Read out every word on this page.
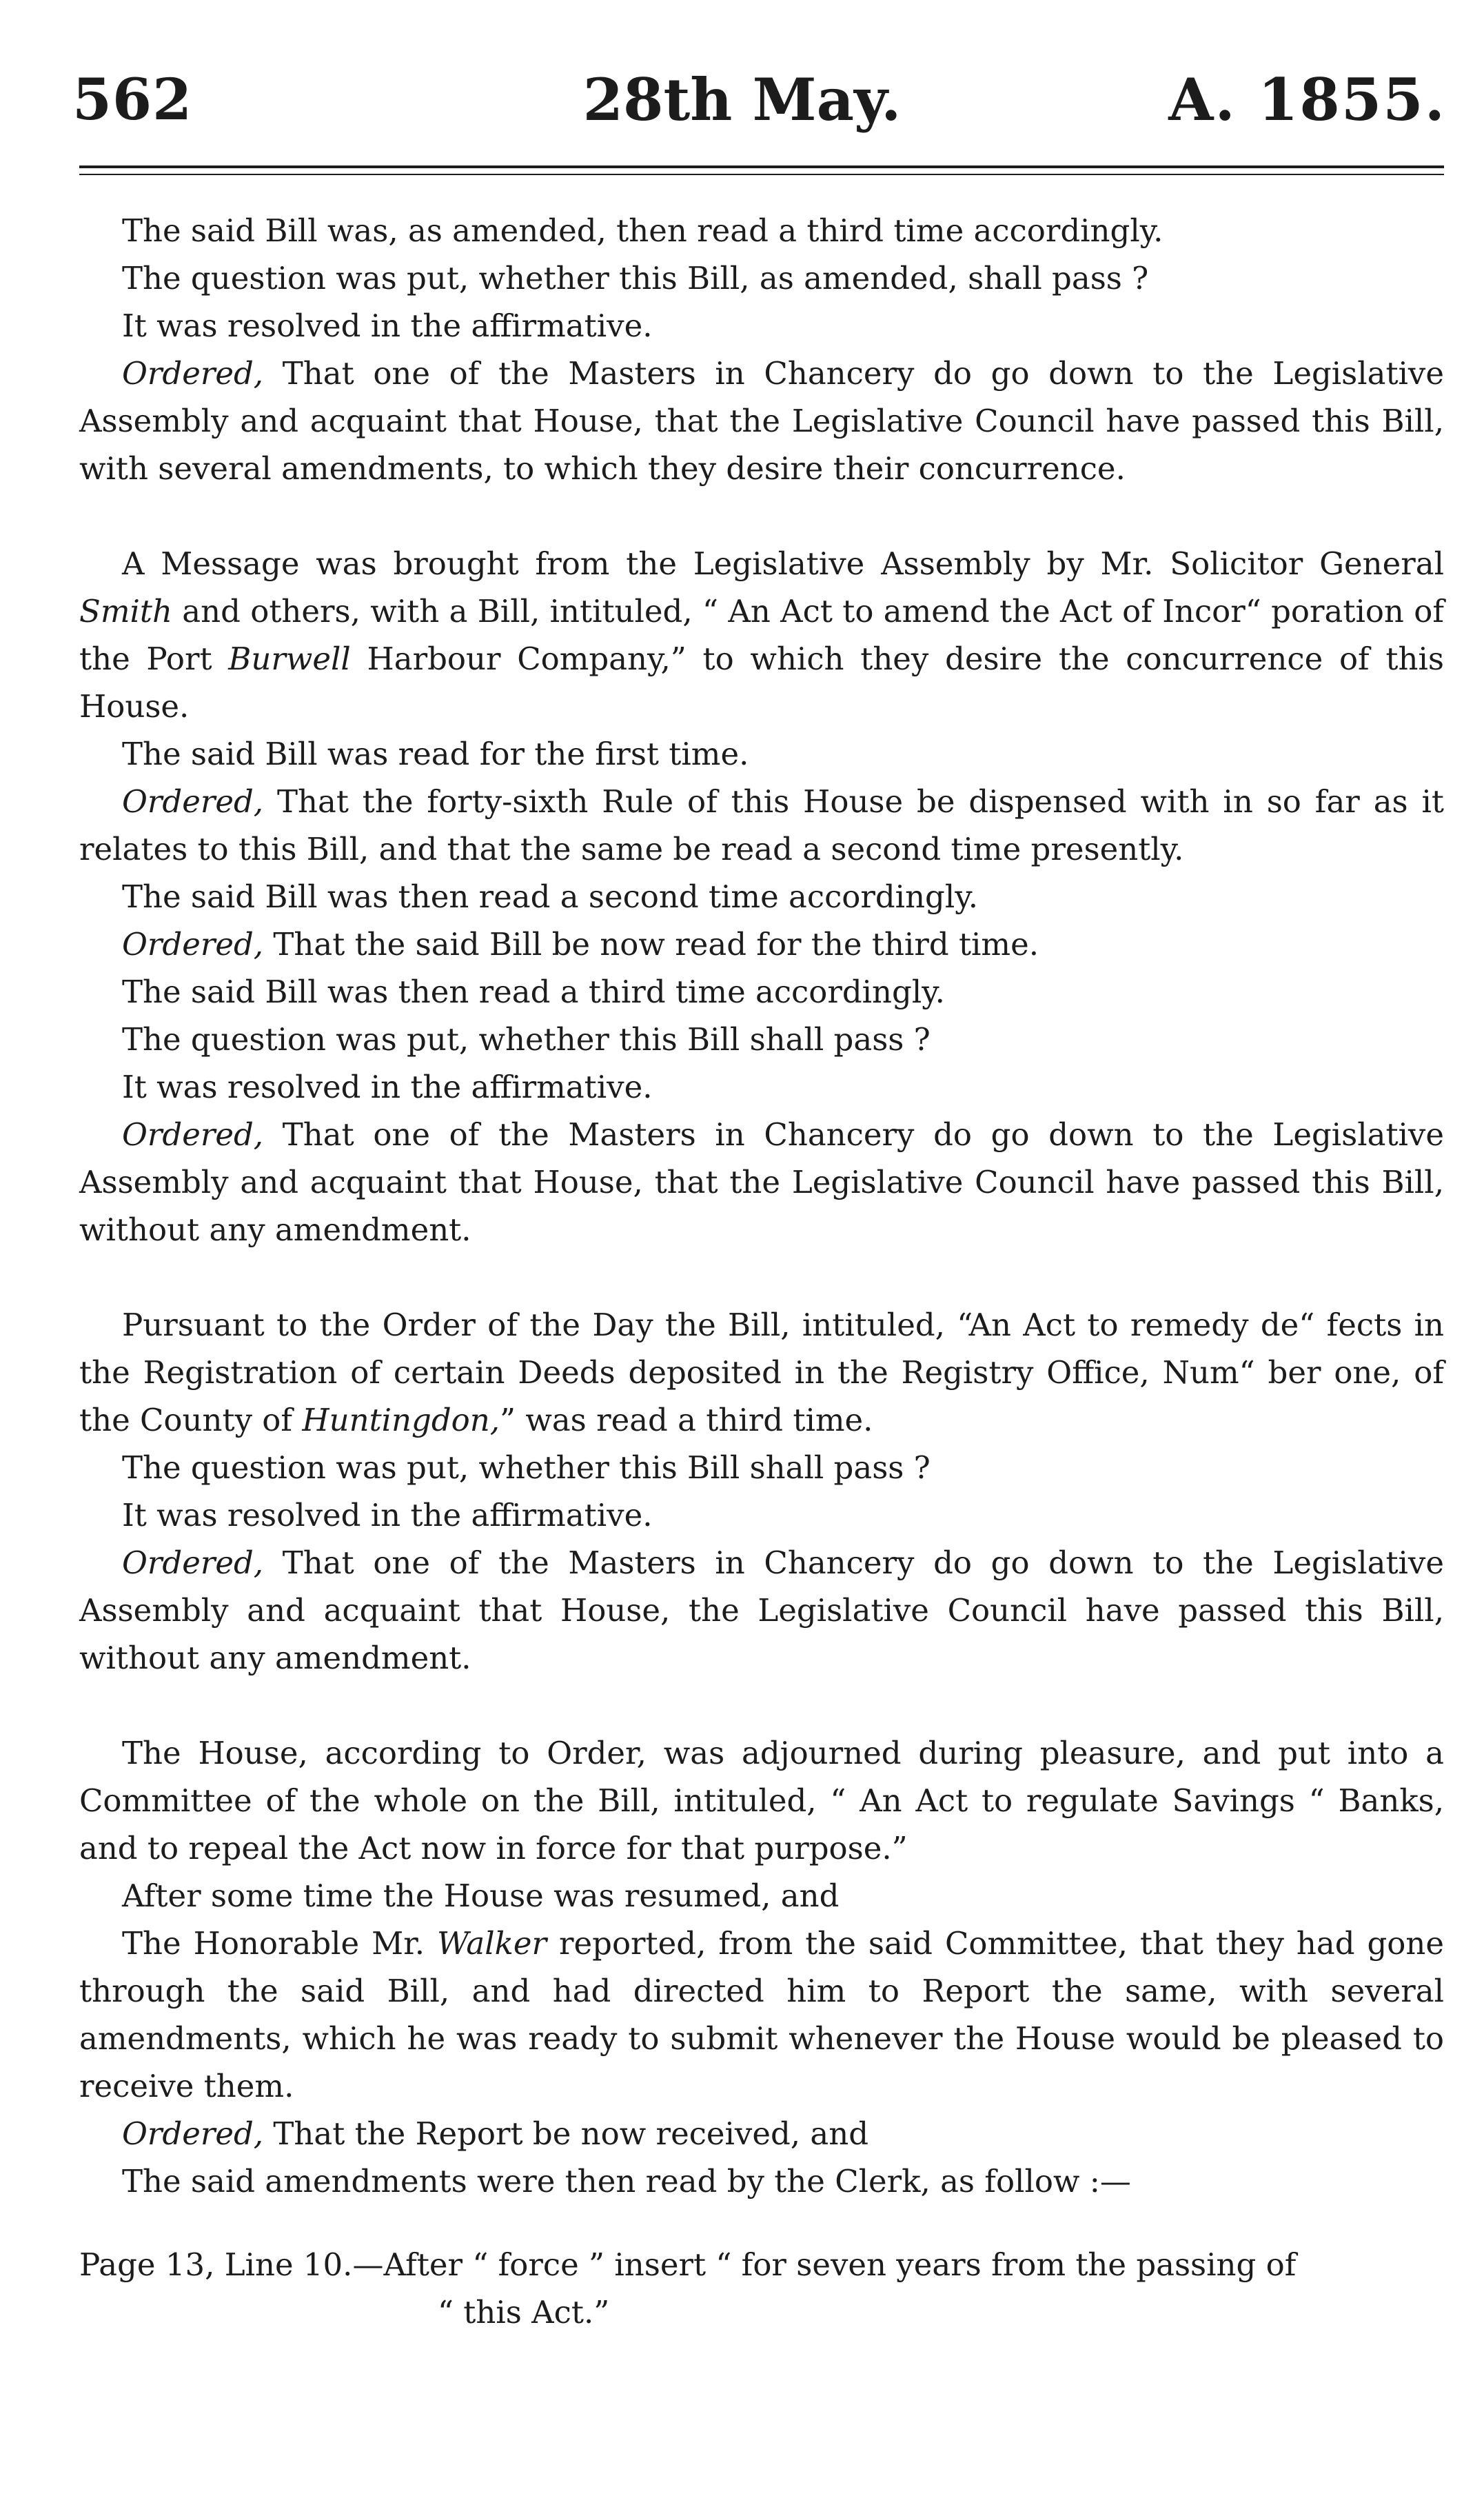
562	28th May.	A. 1855.

The said Bill was, as amended, then read a third time accordingly.

The question was put, whether this Bill, as amended, shall pass ?

It was resolved in the affirmative.

Ordered, That one of the Masters in Chancery do go down to the Legislative Assembly and acquaint that House, that the Legislative Council have passed this Bill, with several amendments, to which they desire their concurrence.

A Message was brought from the Legislative Assembly by Mr. Solicitor General Smith and others, with a Bill, intituled, “ An Act to amend the Act of Incor“ poration of the Port Burwell Harbour Company,” to which they desire the concurrence of this House.

The said Bill was read for the first time.

Ordered, That the forty-sixth Rule of this House be dispensed with in so far as it relates to this Bill, and that the same be read a second time presently.

The said Bill was then read a second time accordingly.

Ordered, That the said Bill be now read for the third time.

The said Bill was then read a third time accordingly.

The question was put, whether this Bill shall pass ?

It was resolved in the affirmative.

Ordered, That one of the Masters in Chancery do go down to the Legislative Assembly and acquaint that House, that the Legislative Council have passed this Bill, without any amendment.

Pursuant to the Order of the Day the Bill, intituled, “An Act to remedy de“ fects in the Registration of certain Deeds deposited in the Registry Office, Num“ ber one, of the County of Huntingdon,” was read a third time.

The question was put, whether this Bill shall pass ?

It was resolved in the affirmative.

Ordered, That one of the Masters in Chancery do go down to the Legislative Assembly and acquaint that House, the Legislative Council have passed this Bill, without any amendment.

The House, according to Order, was adjourned during pleasure, and put into a Committee of the whole on the Bill, intituled, “ An Act to regulate Savings “ Banks, and to repeal the Act now in force for that purpose.”

After some time the House was resumed, and

The Honorable Mr. Walker reported, from the said Committee, that they had gone through the said Bill, and had directed him to Report the same, with several amendments, which he was ready to submit whenever the House would be pleased to receive them.

Ordered, That the Report be now received, and

The said amendments were then read by the Clerk, as follow :—

Page 13, Line 10.—After “ force ” insert “ for seven years from the passing of
“ this Act.”
